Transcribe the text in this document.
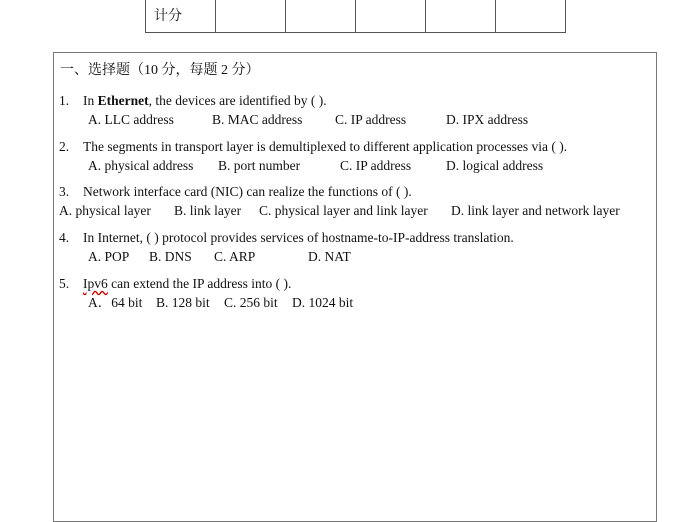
计分					
一、选择题（10 分，每题 2 分）
1. In Ethernet, the devices are identified by ( ).
A. LLC address	B. MAC address C. IP address	D. IPX address
2. The segments in transport layer is demultiplexed to different application processes via ( ).
A. physical address B. port number	C. IP address	D. logical address
3. Network interface card (NIC) can realize the functions of ( ).
A. physical layer B. link layer C. physical layer and link layer D. link layer and network layer
4. In Internet, ( ) protocol provides services of hostname-to-IP-address translation.
A. POP B. DNS C. ARP	D. NAT
5. Ipv6 can extend the IP address into ( ).
A．64 bit B. 128 bit C. 256 bit D. 1024 bit
